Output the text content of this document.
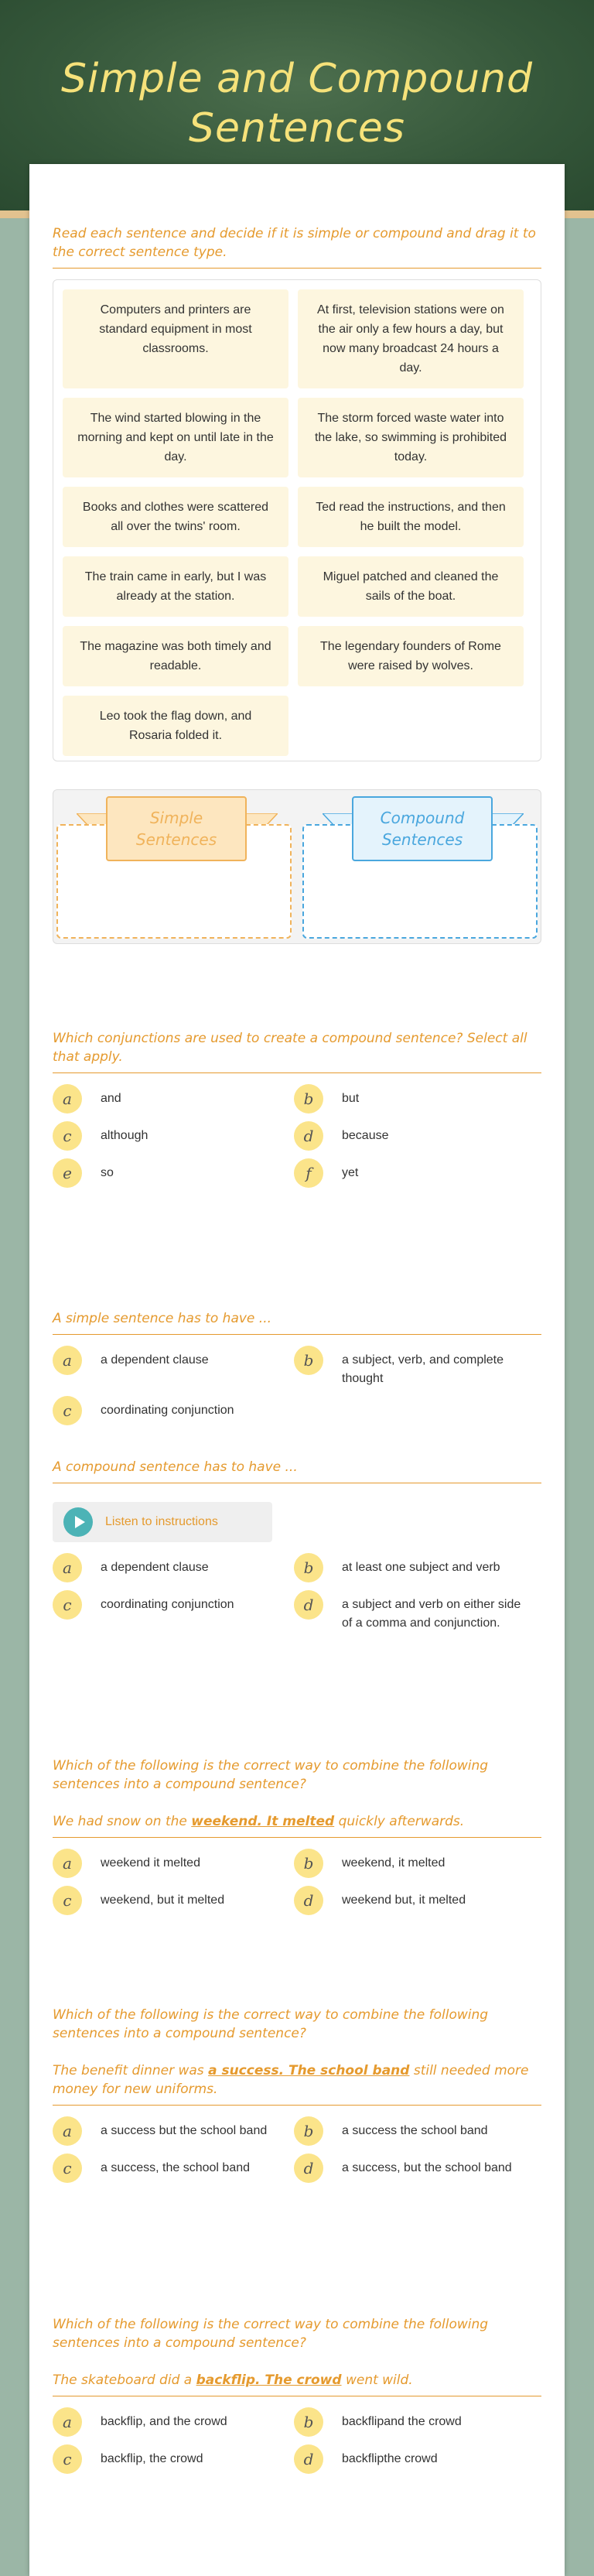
Simple and Compound Sentences
Read each sentence and decide if it is simple or compound and drag it to the correct sentence type.
Computers and printers are standard equipment in most classrooms.
At first, television stations were on the air only a few hours a day, but now many broadcast 24 hours a day.
The wind started blowing in the morning and kept on until late in the day.
The storm forced waste water into the lake, so swimming is prohibited today.
Books and clothes were scattered all over the twins' room.
Ted read the instructions, and then he built the model.
The train came in early, but I was already at the station.
Miguel patched and cleaned the sails of the boat.
The magazine was both timely and readable.
The legendary founders of Rome were raised by wolves.
Leo took the flag down, and Rosaria folded it.
Simple Sentences
Compound Sentences
Which conjunctions are used to create a compound sentence? Select all that apply.
a	and	b	but
c	although	d	because
e	so	f	yet
A simple sentence has to have ...
a	a dependent clause	b	a subject, verb, and complete thought
c	coordinating conjunction
A compound sentence has to have ...
Listen to instructions
a	a dependent clause	b	at least one subject and verb
c	coordinating conjunction	d	a subject and verb on either side of a comma and conjunction.
Which of the following is the correct way to combine the following sentences into a compound sentence?
We had snow on the weekend. It melted quickly afterwards.
a	weekend it melted	b	weekend, it melted
c	weekend, but it melted	d	weekend but, it melted
Which of the following is the correct way to combine the following sentences into a compound sentence?
The benefit dinner was a success. The school band still needed more money for new uniforms.
a	a success but the school band	b	a success the school band
c	a success, the school band	d	a success, but the school band
Which of the following is the correct way to combine the following sentences into a compound sentence?
The skateboard did a backflip. The crowd went wild.
a	backflip, and the crowd	b	backflipand the crowd
c	backflip, the crowd	d	backflipthe crowd
